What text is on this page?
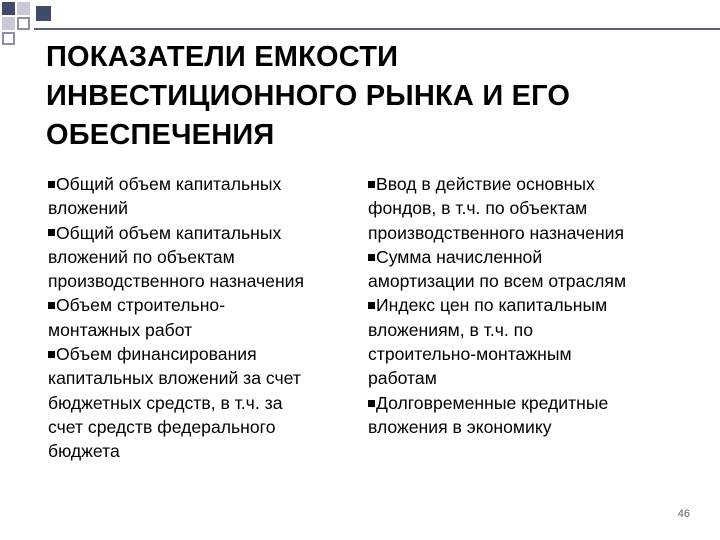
ПОКАЗАТЕЛИ ЕМКОСТИ
ИНВЕСТИЦИОННОГО РЫНКА И ЕГО
ОБЕСПЕЧЕНИЯ
Общий объем капитальных
вложений
Общий объем капитальных
вложений по объектам
производственного назначения
Объем строительно-
монтажных работ
Объем финансирования
капитальных вложений за счет
бюджетных средств, в т.ч. за
счет средств федерального
бюджета
Ввод в действие основных
фондов, в т.ч. по объектам
производственного назначения
Сумма начисленной
амортизации по всем отраслям
Индекс цен по капитальным
вложениям, в т.ч. по
строительно-монтажным
работам
Долговременные кредитные
вложения в экономику
46
